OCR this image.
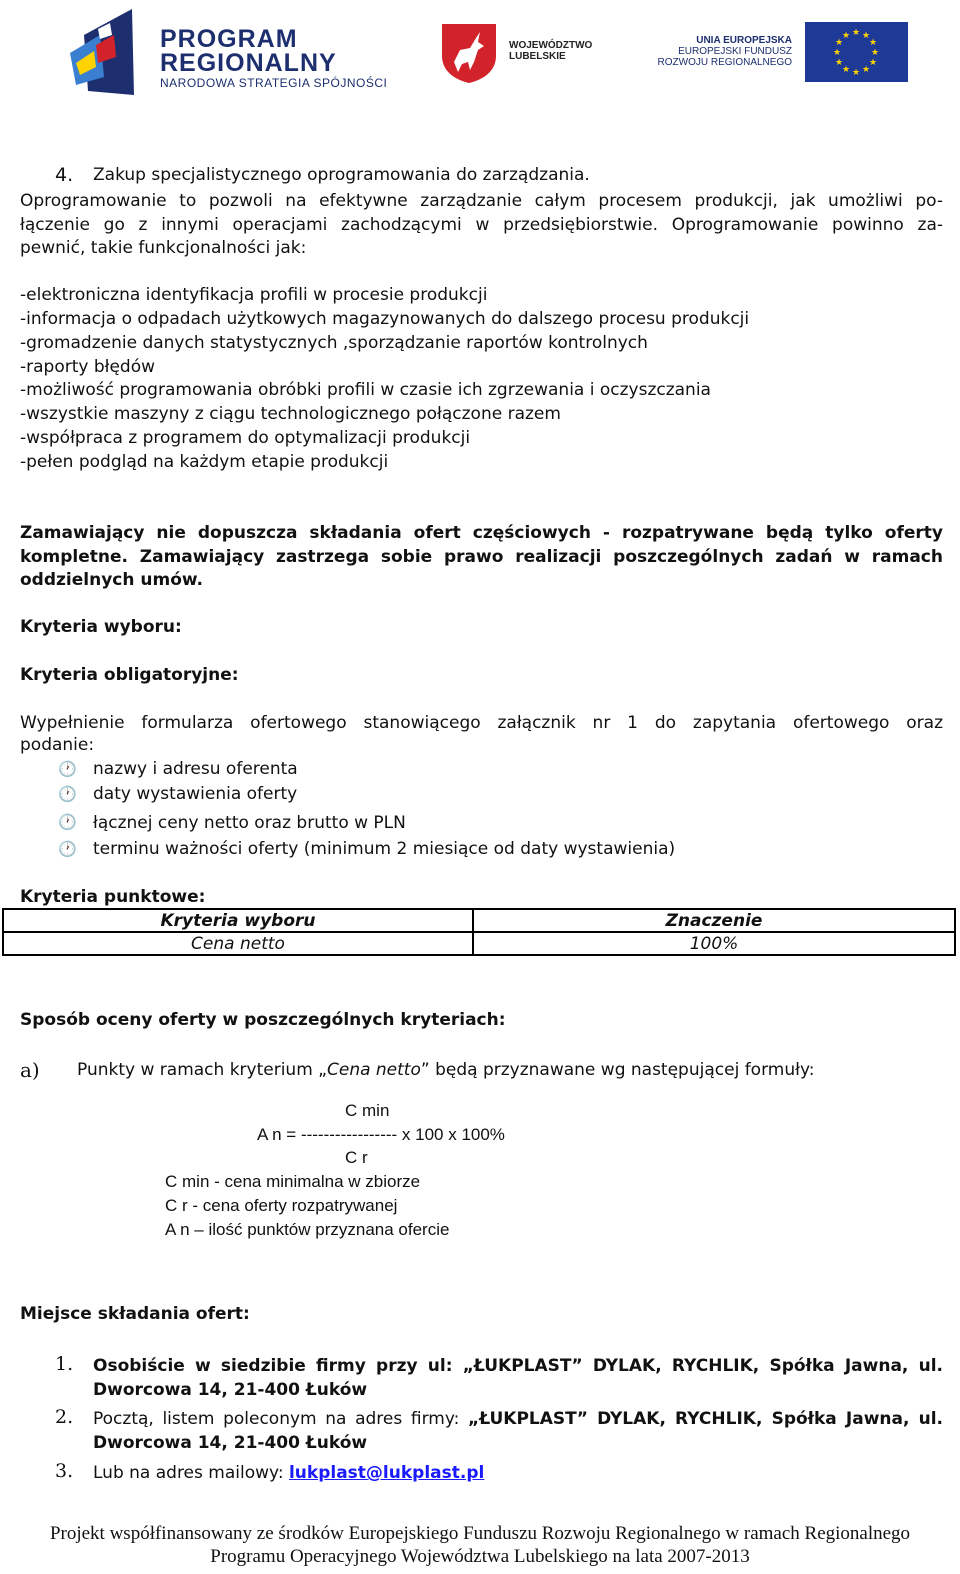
PROGRAM
REGIONALNY
NARODOWA STRATEGIA SPÓJNOŚCI
WOJEWÓDZTWO
LUBELSKIE
UNIA EUROPEJSKA
EUROPEJSKI FUNDUSZ
ROZWOJU REGIONALNEGO
★ ★
★
★
★
★
★
★
★
★
★
★
4. Zakup specjalistycznego oprogramowania do zarządzania.
Oprogramowanie to pozwoli na efektywne zarządzanie całym procesem produkcji, jak umożliwi po-
łączenie go z innymi operacjami zachodzącymi w przedsiębiorstwie. Oprogramowanie powinno za-
pewnić, takie funkcjonalności jak:
-elektroniczna identyfikacja profili w procesie produkcji
-informacja o odpadach użytkowych magazynowanych do dalszego procesu produkcji
-gromadzenie danych statystycznych ,sporządzanie raportów kontrolnych
-raporty błędów
-możliwość programowania obróbki profili w czasie ich zgrzewania i oczyszczania
-wszystkie maszyny z ciągu technologicznego połączone razem
-współpraca z programem do optymalizacji produkcji
-pełen podgląd na każdym etapie produkcji
Zamawiający nie dopuszcza składania ofert częściowych - rozpatrywane będą tylko oferty
kompletne. Zamawiający zastrzega sobie prawo realizacji poszczególnych zadań w ramach
oddzielnych umów.
Kryteria wyboru:
Kryteria obligatoryjne:
Wypełnienie formularza ofertowego stanowiącego załącznik nr 1 do zapytania ofertowego oraz
podanie:
🕐 nazwy i adresu oferenta
🕐 daty wystawienia oferty
🕐 łącznej ceny netto oraz brutto w PLN
🕐 terminu ważności oferty (minimum 2 miesiące od daty wystawienia)
Kryteria punktowe:
Kryteria wyboru	Znaczenie
Cena netto	100%
Sposób oceny oferty w poszczególnych kryteriach:
a) Punkty w ramach kryterium „Cena netto” będą przyznawane wg następującej formuły:
C min
A n = ----------------- x 100 x 100%
C r
C min - cena minimalna w zbiorze
C r - cena oferty rozpatrywanej
A n – ilość punktów przyznana ofercie
Miejsce składania ofert:
1. Osobiście w siedzibie firmy przy ul: „ŁUKPLAST” DYLAK, RYCHLIK, Spółka Jawna, ul.
Dworcowa 14, 21-400 Łuków
2. Pocztą, listem poleconym na adres firmy: „ŁUKPLAST” DYLAK, RYCHLIK, Spółka Jawna, ul.
Dworcowa 14, 21-400 Łuków
3. Lub na adres mailowy: lukplast@lukplast.pl
Projekt współfinansowany ze środków Europejskiego Funduszu Rozwoju Regionalnego w ramach Regionalnego
Programu Operacyjnego Województwa Lubelskiego na lata 2007-2013
